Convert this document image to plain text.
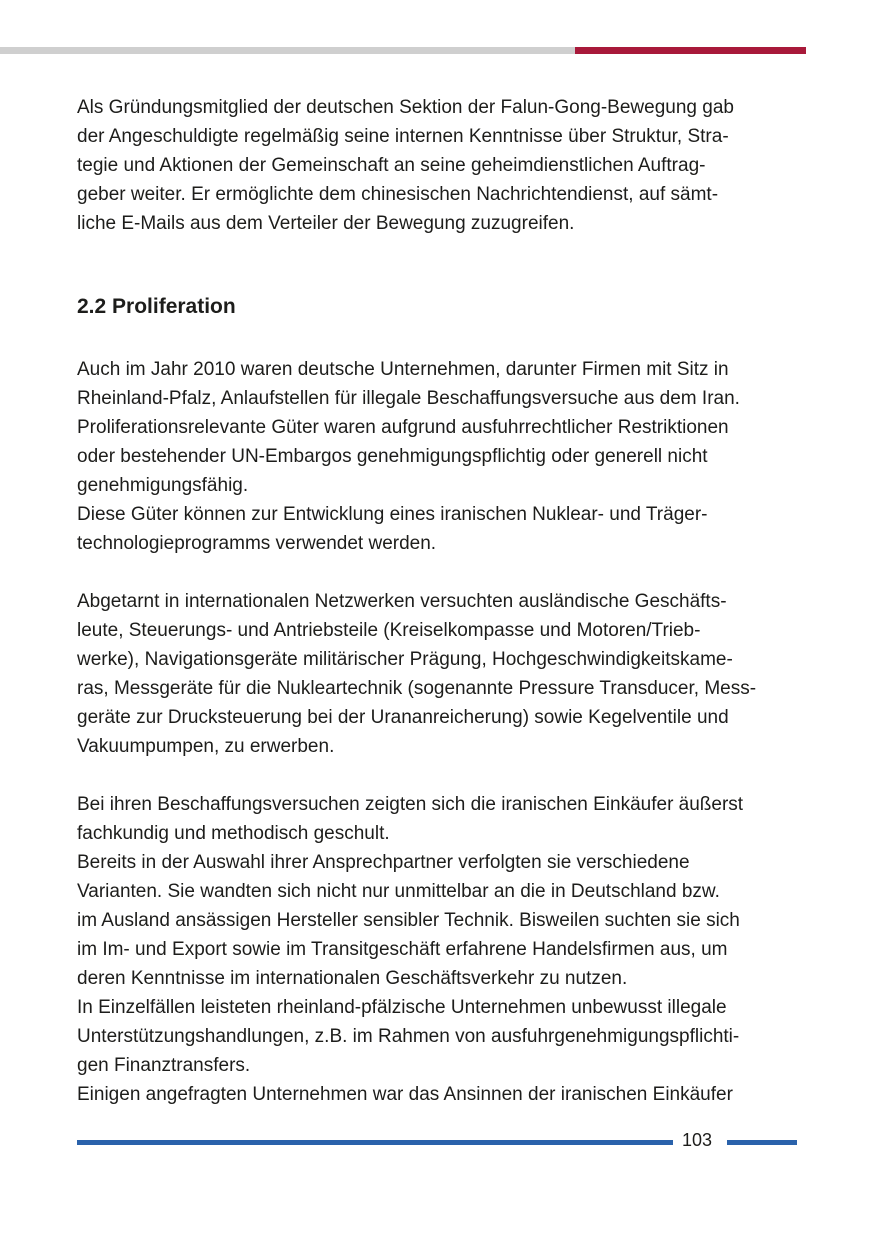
Als Gründungsmitglied der deutschen Sektion der Falun-Gong-Bewegung gab
der Angeschuldigte regelmäßig seine internen Kenntnisse über Struktur, Stra-
tegie und Aktionen der Gemeinschaft an seine geheimdienstlichen Auftrag-
geber weiter. Er ermöglichte dem chinesischen Nachrichtendienst, auf sämt-
liche E-Mails aus dem Verteiler der Bewegung zuzugreifen.
2.2 Proliferation
Auch im Jahr 2010 waren deutsche Unternehmen, darunter Firmen mit Sitz in
Rheinland-Pfalz, Anlaufstellen für illegale Beschaffungsversuche aus dem Iran.
Proliferationsrelevante Güter waren aufgrund ausfuhrrechtlicher Restriktionen
oder bestehender UN-Embargos genehmigungspflichtig oder generell nicht
genehmigungsfähig.
Diese Güter können zur Entwicklung eines iranischen Nuklear- und Träger-
technologieprogramms verwendet werden.
Abgetarnt in internationalen Netzwerken versuchten ausländische Geschäfts-
leute, Steuerungs- und Antriebsteile (Kreiselkompasse und Motoren/Trieb-
werke), Navigationsgeräte militärischer Prägung, Hochgeschwindigkeitskame-
ras, Messgeräte für die Nukleartechnik (sogenannte Pressure Transducer, Mess-
geräte zur Drucksteuerung bei der Urananreicherung) sowie Kegelventile und
Vakuumpumpen, zu erwerben.
Bei ihren Beschaffungsversuchen zeigten sich die iranischen Einkäufer äußerst
fachkundig und methodisch geschult.
Bereits in der Auswahl ihrer Ansprechpartner verfolgten sie verschiedene
Varianten. Sie wandten sich nicht nur unmittelbar an die in Deutschland bzw.
im Ausland ansässigen Hersteller sensibler Technik. Bisweilen suchten sie sich
im Im- und Export sowie im Transitgeschäft erfahrene Handelsfirmen aus, um
deren Kenntnisse im internationalen Geschäftsverkehr zu nutzen.
In Einzelfällen leisteten rheinland-pfälzische Unternehmen unbewusst illegale
Unterstützungshandlungen, z.B. im Rahmen von ausfuhrgenehmigungspflichti-
gen Finanztransfers.
Einigen angefragten Unternehmen war das Ansinnen der iranischen Einkäufer
103
